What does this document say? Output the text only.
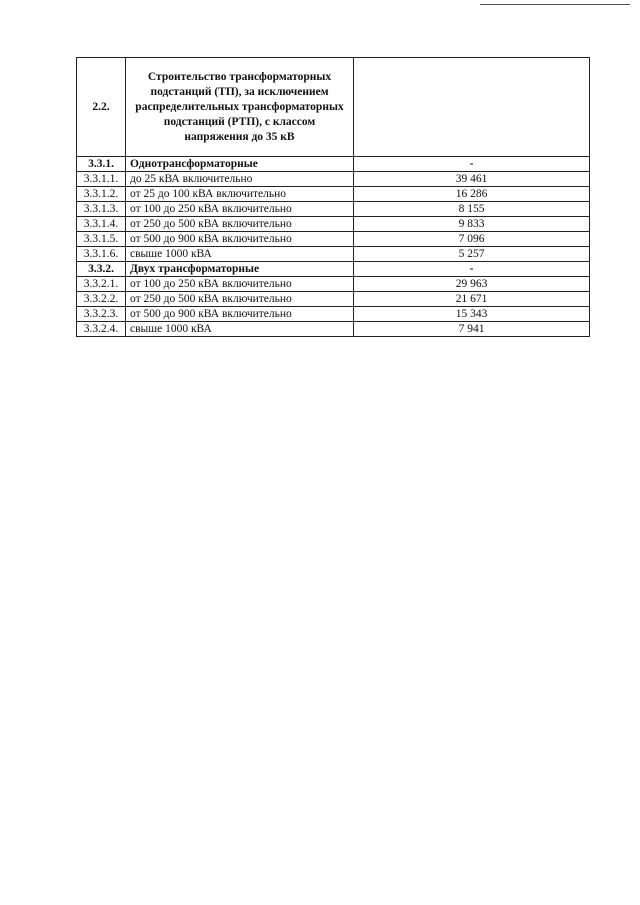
2.2.	Строительство трансформаторных подстанций (ТП), за исключением распределительных трансформаторных подстанций (РТП), с классом напряжения до 35 кВ	
3.3.1.	Однотрансформаторные	-
3.3.1.1.	до 25 кВА включительно	39 461
3.3.1.2.	от 25 до 100 кВА включительно	16 286
3.3.1.3.	от 100 до 250 кВА включительно	8 155
3.3.1.4.	от 250 до 500 кВА включительно	9 833
3.3.1.5.	от 500 до 900 кВА включительно	7 096
3.3.1.6.	свыше 1000 кВА	5 257
3.3.2.	Двух трансформаторные	-
3.3.2.1.	от 100 до 250 кВА включительно	29 963
3.3.2.2.	от 250 до 500 кВА включительно	21 671
3.3.2.3.	от 500 до 900 кВА включительно	15 343
3.3.2.4.	свыше 1000 кВА	7 941
